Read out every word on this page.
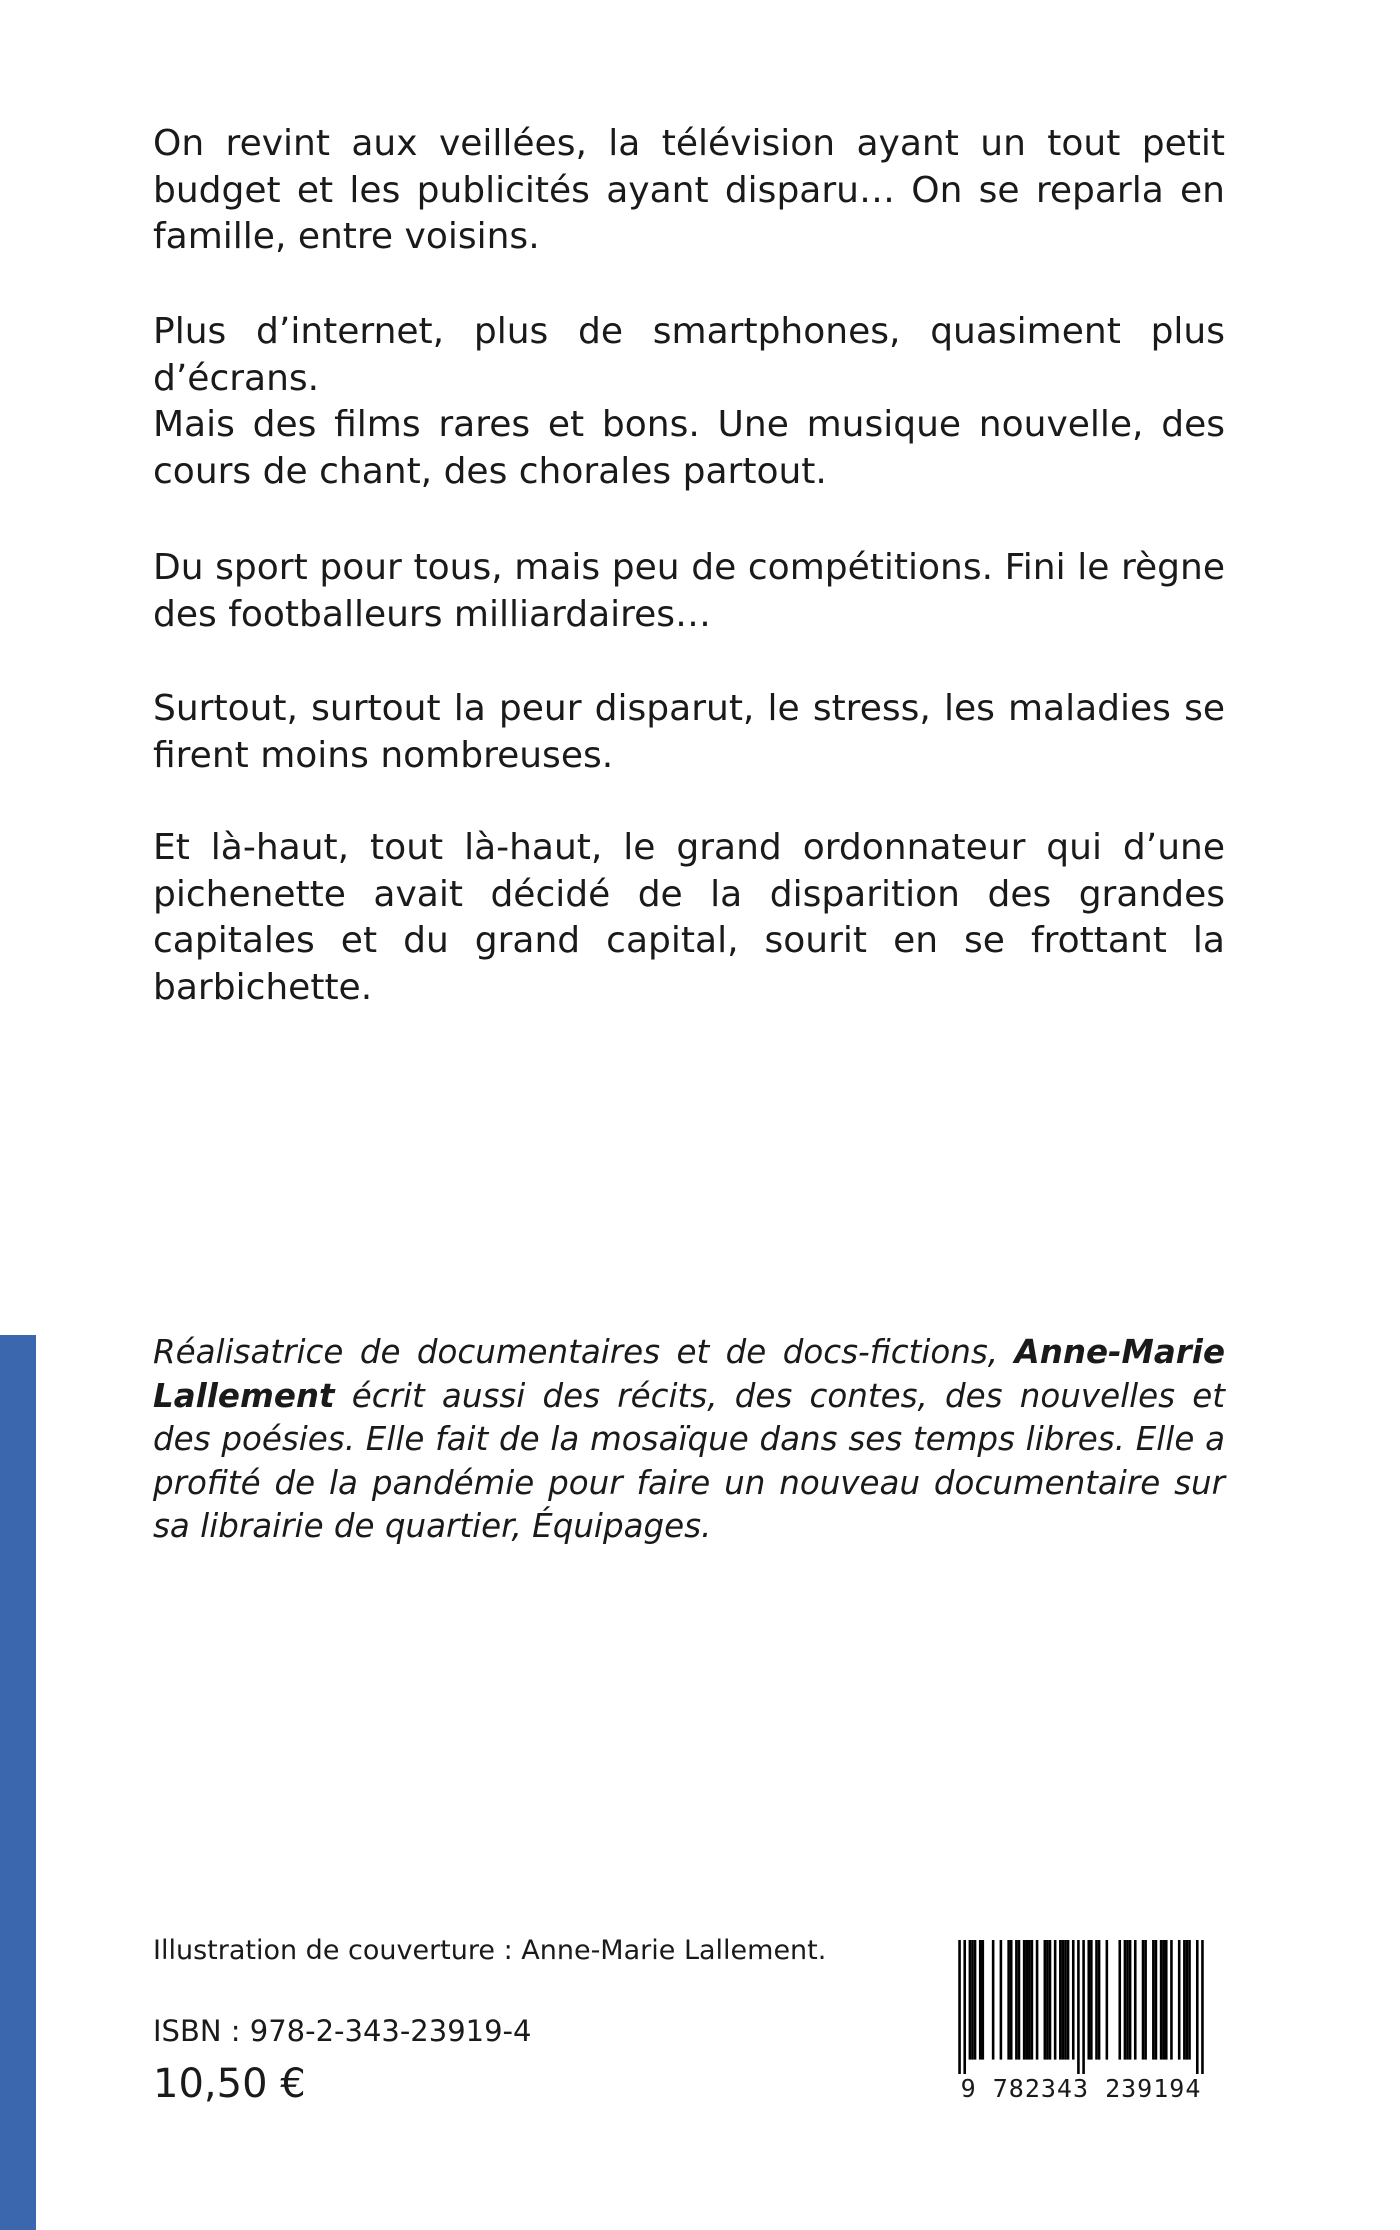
On revint aux veillées, la télévision ayant un tout petit budget et les publicités ayant disparu… On se reparla en famille, entre voisins.
Plus d’internet, plus de smartphones, quasiment plus d’écrans.
Mais des films rares et bons. Une musique nouvelle, des cours de chant, des chorales partout.
Du sport pour tous, mais peu de compétitions. Fini le règne des footballeurs milliardaires…
Surtout, surtout la peur disparut, le stress, les maladies se firent moins nombreuses.
Et là-haut, tout là-haut, le grand ordonnateur qui d’une pichenette avait décidé de la disparition des grandes capitales et du grand capital, sourit en se frottant la barbichette.
Réalisatrice de documentaires et de docs-fictions, Anne-Marie Lallement écrit aussi des récits, des contes, des nouvelles et des poésies. Elle fait de la mosaïque dans ses temps libres. Elle a profité de la pandémie pour faire un nouveau documentaire sur sa librairie de quartier, Équipages.
Illustration de couverture : Anne-Marie Lallement.
ISBN : 978-2-343-23919-4
10,50 €	9 782343 239194
